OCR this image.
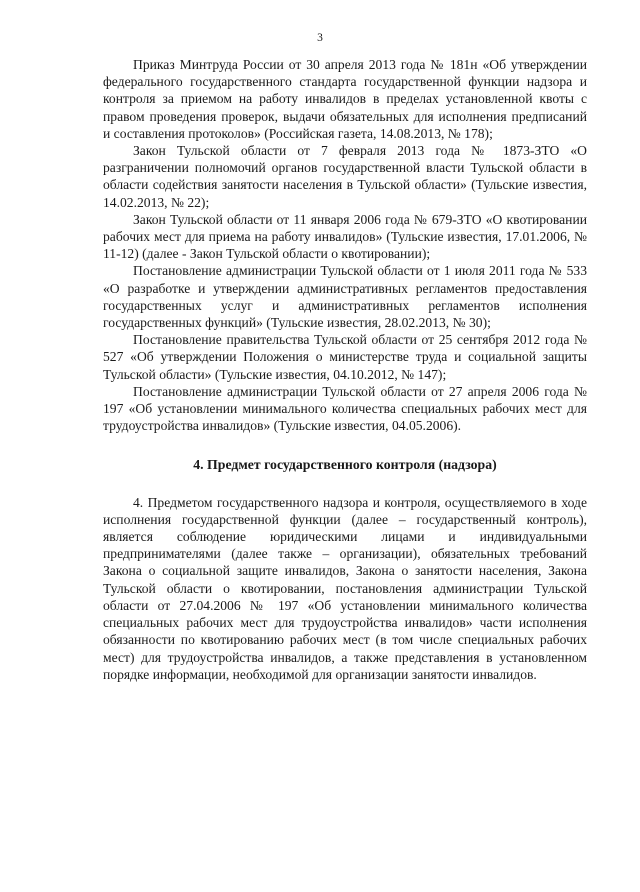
3

Приказ Минтруда России от 30 апреля 2013 года № 181н «Об утверждении федерального государственного стандарта государственной функции надзора и контроля за приемом на работу инвалидов в пределах установленной квоты с правом проведения проверок, выдачи обязательных для исполнения предписаний и составления протоколов» (Российская газета, 14.08.2013, № 178);

Закон Тульской области от 7 февраля 2013 года № 1873-ЗТО «О разграничении полномочий органов государственной власти Тульской области в области содействия занятости населения в Тульской области» (Тульские известия, 14.02.2013, № 22);

Закон Тульской области от 11 января 2006 года № 679-ЗТО «О квотировании рабочих мест для приема на работу инвалидов» (Тульские известия, 17.01.2006, № 11-12) (далее - Закон Тульской области о квотировании);

Постановление администрации Тульской области от 1 июля 2011 года № 533 «О разработке и утверждении административных регламентов предоставления государственных услуг и административных регламентов исполнения государственных функций» (Тульские известия, 28.02.2013, № 30);

Постановление правительства Тульской области от 25 сентября 2012 года № 527 «Об утверждении Положения о министерстве труда и социальной защиты Тульской области» (Тульские известия, 04.10.2012, № 147);

Постановление администрации Тульской области от 27 апреля 2006 года № 197 «Об установлении минимального количества специальных рабочих мест для трудоустройства инвалидов» (Тульские известия, 04.05.2006).

4. Предмет государственного контроля (надзора)

4. Предметом государственного надзора и контроля, осуществляемого в ходе исполнения государственной функции (далее – государственный контроль), является соблюдение юридическими лицами и индивидуальными предпринимателями (далее также – организации), обязательных требований Закона о социальной защите инвалидов, Закона о занятости населения, Закона Тульской области о квотировании, постановления администрации Тульской области от 27.04.2006 № 197 «Об установлении минимального количества специальных рабочих мест для трудоустройства инвалидов» части исполнения обязанности по квотированию рабочих мест (в том числе специальных рабочих мест) для трудоустройства инвалидов, а также представления в установленном порядке информации, необходимой для организации занятости инвалидов.
